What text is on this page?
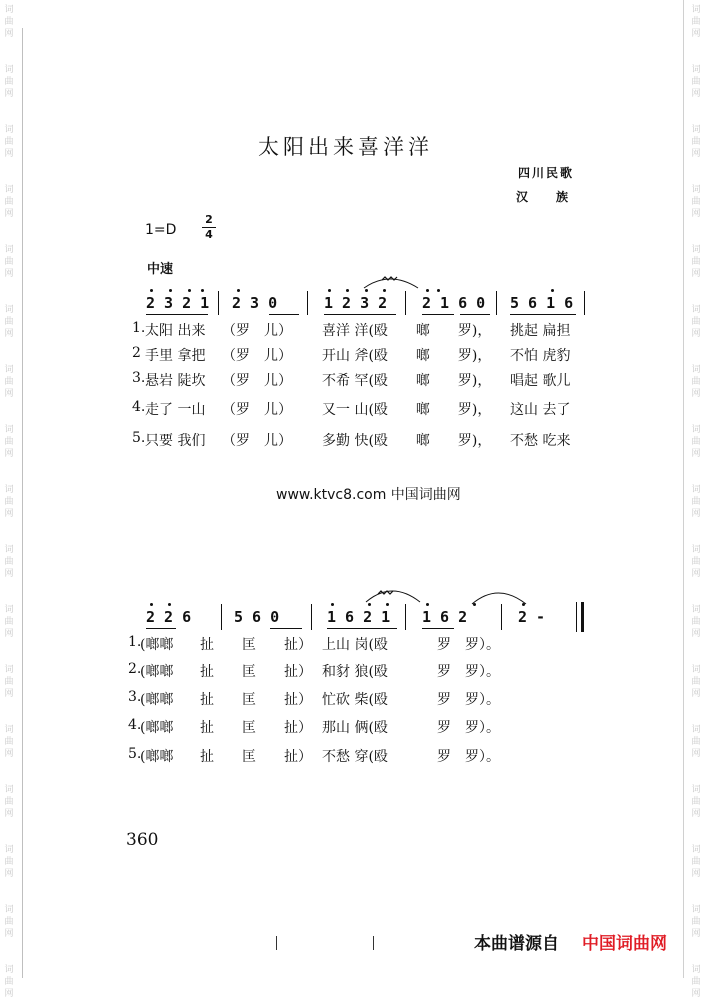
词
曲
网
词
曲
网
词
曲
网
词
曲
网
词
曲
网
词
曲
网
词
曲
网
词
曲
网
词
曲
网
词
曲
网
词
曲
网
词
曲
网
词
曲
网
词
曲
网
词
曲
网
词
曲
网
词
曲
网
词
曲
网
词
曲
网
词
曲
网
词
曲
网
词
曲
网
词
曲
网
词
曲
网
词
曲
网
词
曲
网
词
曲
网
词
曲
网
词
曲
网
词
曲
网
词
曲
网
词
曲
网
词
曲
网
词
曲
网
太阳出来喜洋洋
四川民歌
汉　族
1=D
2
4
中速
2 3 2 1 2 3 0	1 2 3 2 2 1 6 0 5 6 1 6
1. 太阳 出来 （罗　儿） 喜洋 洋(殴　　啷　　罗)， 挑起 扁担
2 手里 拿把 （罗　儿） 开山 斧(殴　　啷　　罗)， 不怕 虎豹
3. 悬岩 陡坎 （罗　儿） 不希 罕(殴　　啷　　罗)， 唱起 歌儿
4. 走了 一山 （罗　儿） 又一 山(殴　　啷　　罗)， 这山 去了
5. 只要 我们 （罗　儿） 多勤 快(殴　　啷　　罗)， 不愁 吃来
www.ktvc8.com 中国词曲网
2 2 6	5 6 0	1 6 2 1 1 6 2	2 -
1.
(啷啷 扯　　匡　　扯） 上山 岗(殴	罗　罗）。
2.
(啷啷 扯　　匡　　扯） 和豺 狼(殴	罗　罗）。
3.
(啷啷 扯　　匡　　扯） 忙砍 柴(殴	罗　罗）。
4.
(啷啷 扯　　匡　　扯） 那山 俩(殴	罗　罗）。
5.
(啷啷 扯　　匡　　扯） 不愁 穿(殴	罗　罗）。
360
本曲谱源自 中国词曲网
